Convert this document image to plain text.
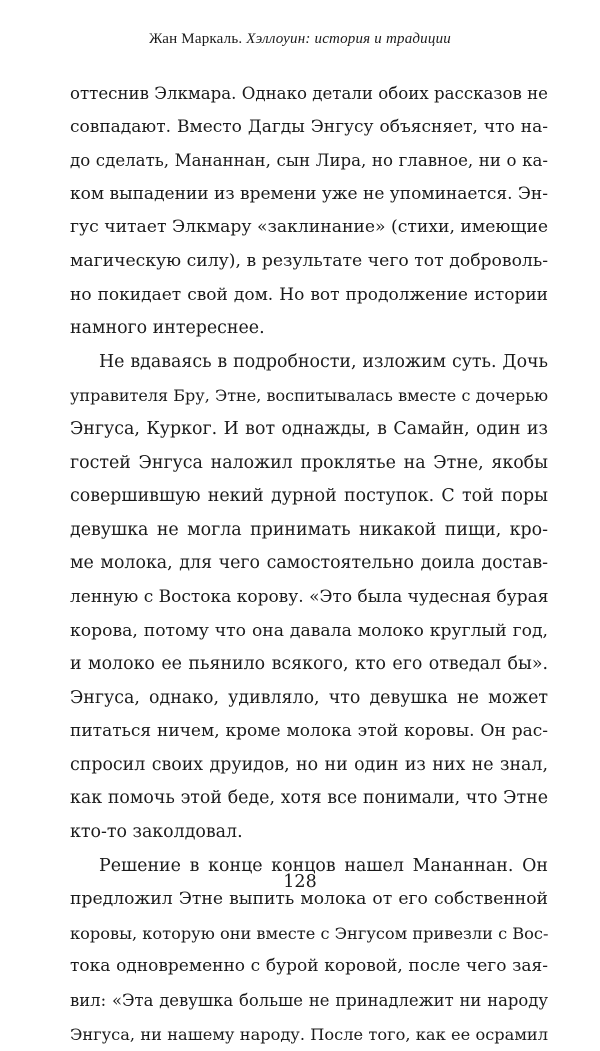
Жан Маркаль. Хэллоуин: история и традиции
оттеснив Элкмара. Однако детали обоих рассказов не
совпадают. Вместо Дагды Энгусу объясняет, что на-
до сделать, Мананнан, сын Лира, но главное, ни о ка-
ком выпадении из времени уже не упоминается. Эн-
гус читает Элкмару «заклинание» (стихи, имеющие
магическую силу), в результате чего тот доброволь-
но покидает свой дом. Но вот продолжение истории
намного интереснее.
Не вдаваясь в подробности, изложим суть. Дочь
управителя Бру, Этне, воспитывалась вместе с дочерью
Энгуса, Курког. И вот однажды, в Самайн, один из
гостей Энгуса наложил проклятье на Этне, якобы
совершившую некий дурной поступок. С той поры
девушка не могла принимать никакой пищи, кро-
ме молока, для чего самостоятельно доила достав-
ленную с Востока корову. «Это была чудесная бурая
корова, потому что она давала молоко круглый год,
и молоко ее пьянило всякого, кто его отведал бы».
Энгуса, однако, удивляло, что девушка не может
питаться ничем, кроме молока этой коровы. Он рас-
спросил своих друидов, но ни один из них не знал,
как помочь этой беде, хотя все понимали, что Этне
кто-то заколдовал.
Решение в конце концов нашел Мананнан. Он
предложил Этне выпить молока от его собственной
коровы, которую они вместе с Энгусом привезли с Вос-
тока одновременно с бурой коровой, после чего зая-
вил: «Эта девушка больше не принадлежит ни народу
Энгуса, ни нашему народу. После того, как ее осрамил
128
